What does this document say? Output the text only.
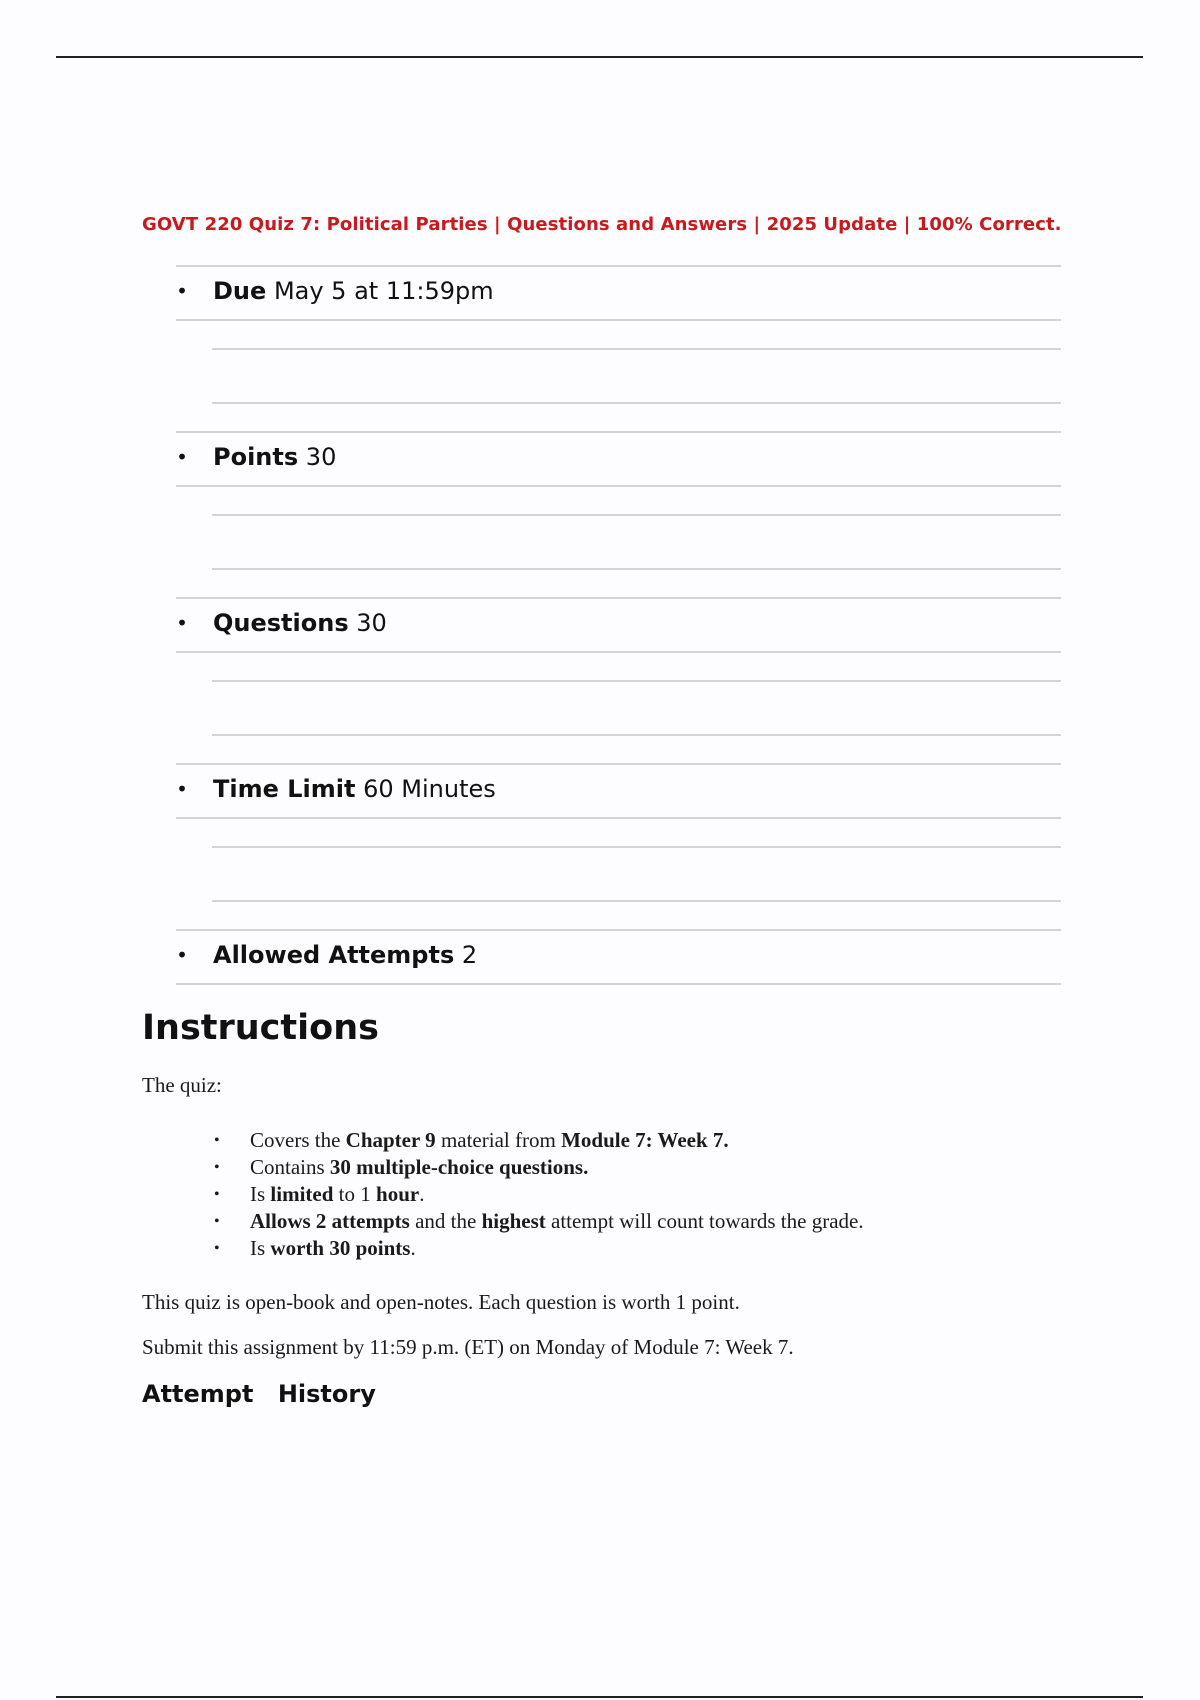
GOVT 220 Quiz 7: Political Parties | Questions and Answers | 2025 Update | 100% Correct.
• Due May 5 at 11:59pm
• Points 30
• Questions 30
• Time Limit 60 Minutes
• Allowed Attempts 2
Instructions

The quiz:

• Covers the Chapter 9 material from Module 7: Week 7.
• Contains 30 multiple-choice questions.
• Is limited to 1 hour.
• Allows 2 attempts and the highest attempt will count towards the grade.
• Is worth 30 points.

This quiz is open-book and open-notes. Each question is worth 1 point.

Submit this assignment by 11:59 p.m. (ET) on Monday of Module 7: Week 7.

Attempt History
